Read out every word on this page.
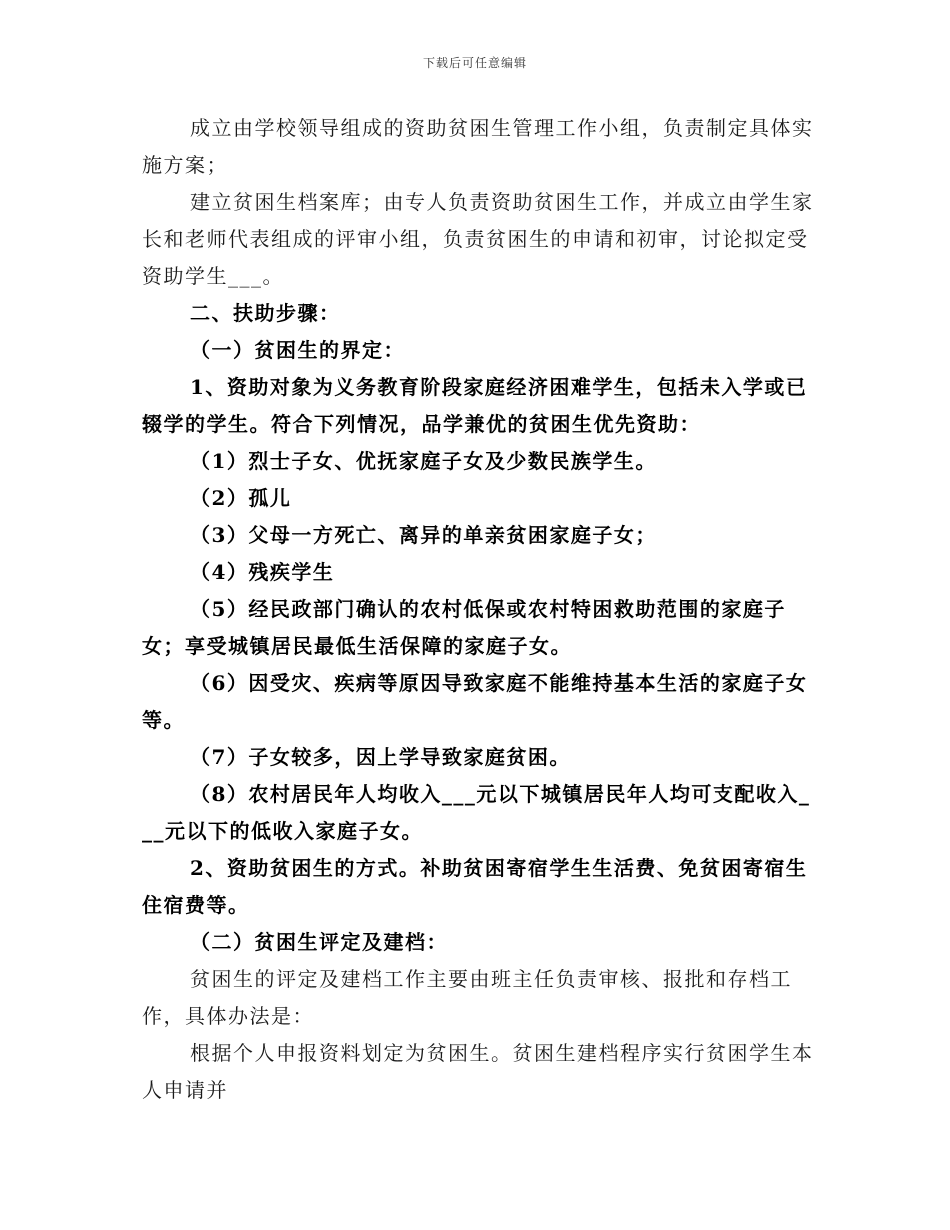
下载后可任意编辑

成立由学校领导组成的资助贫困生管理工作小组，负责制定具体实施方案；

建立贫困生档案库；由专人负责资助贫困生工作，并成立由学生家长和老师代表组成的评审小组，负责贫困生的申请和初审，讨论拟定受资助学生___。

二、扶助步骤：

（一）贫困生的界定：

1、资助对象为义务教育阶段家庭经济困难学生，包括未入学或已辍学的学生。符合下列情况，品学兼优的贫困生优先资助：

（1）烈士子女、优抚家庭子女及少数民族学生。

（2）孤儿

（3）父母一方死亡、离异的单亲贫困家庭子女；

（4）残疾学生

（5）经民政部门确认的农村低保或农村特困救助范围的家庭子女；享受城镇居民最低生活保障的家庭子女。

（6）因受灾、疾病等原因导致家庭不能维持基本生活的家庭子女等。

（7）子女较多，因上学导致家庭贫困。

（8）农村居民年人均收入___元以下城镇居民年人均可支配收入___元以下的低收入家庭子女。

2、资助贫困生的方式。补助贫困寄宿学生生活费、免贫困寄宿生住宿费等。

（二）贫困生评定及建档：

贫困生的评定及建档工作主要由班主任负责审核、报批和存档工作，具体办法是：

根据个人申报资料划定为贫困生。贫困生建档程序实行贫困学生本人申请并
